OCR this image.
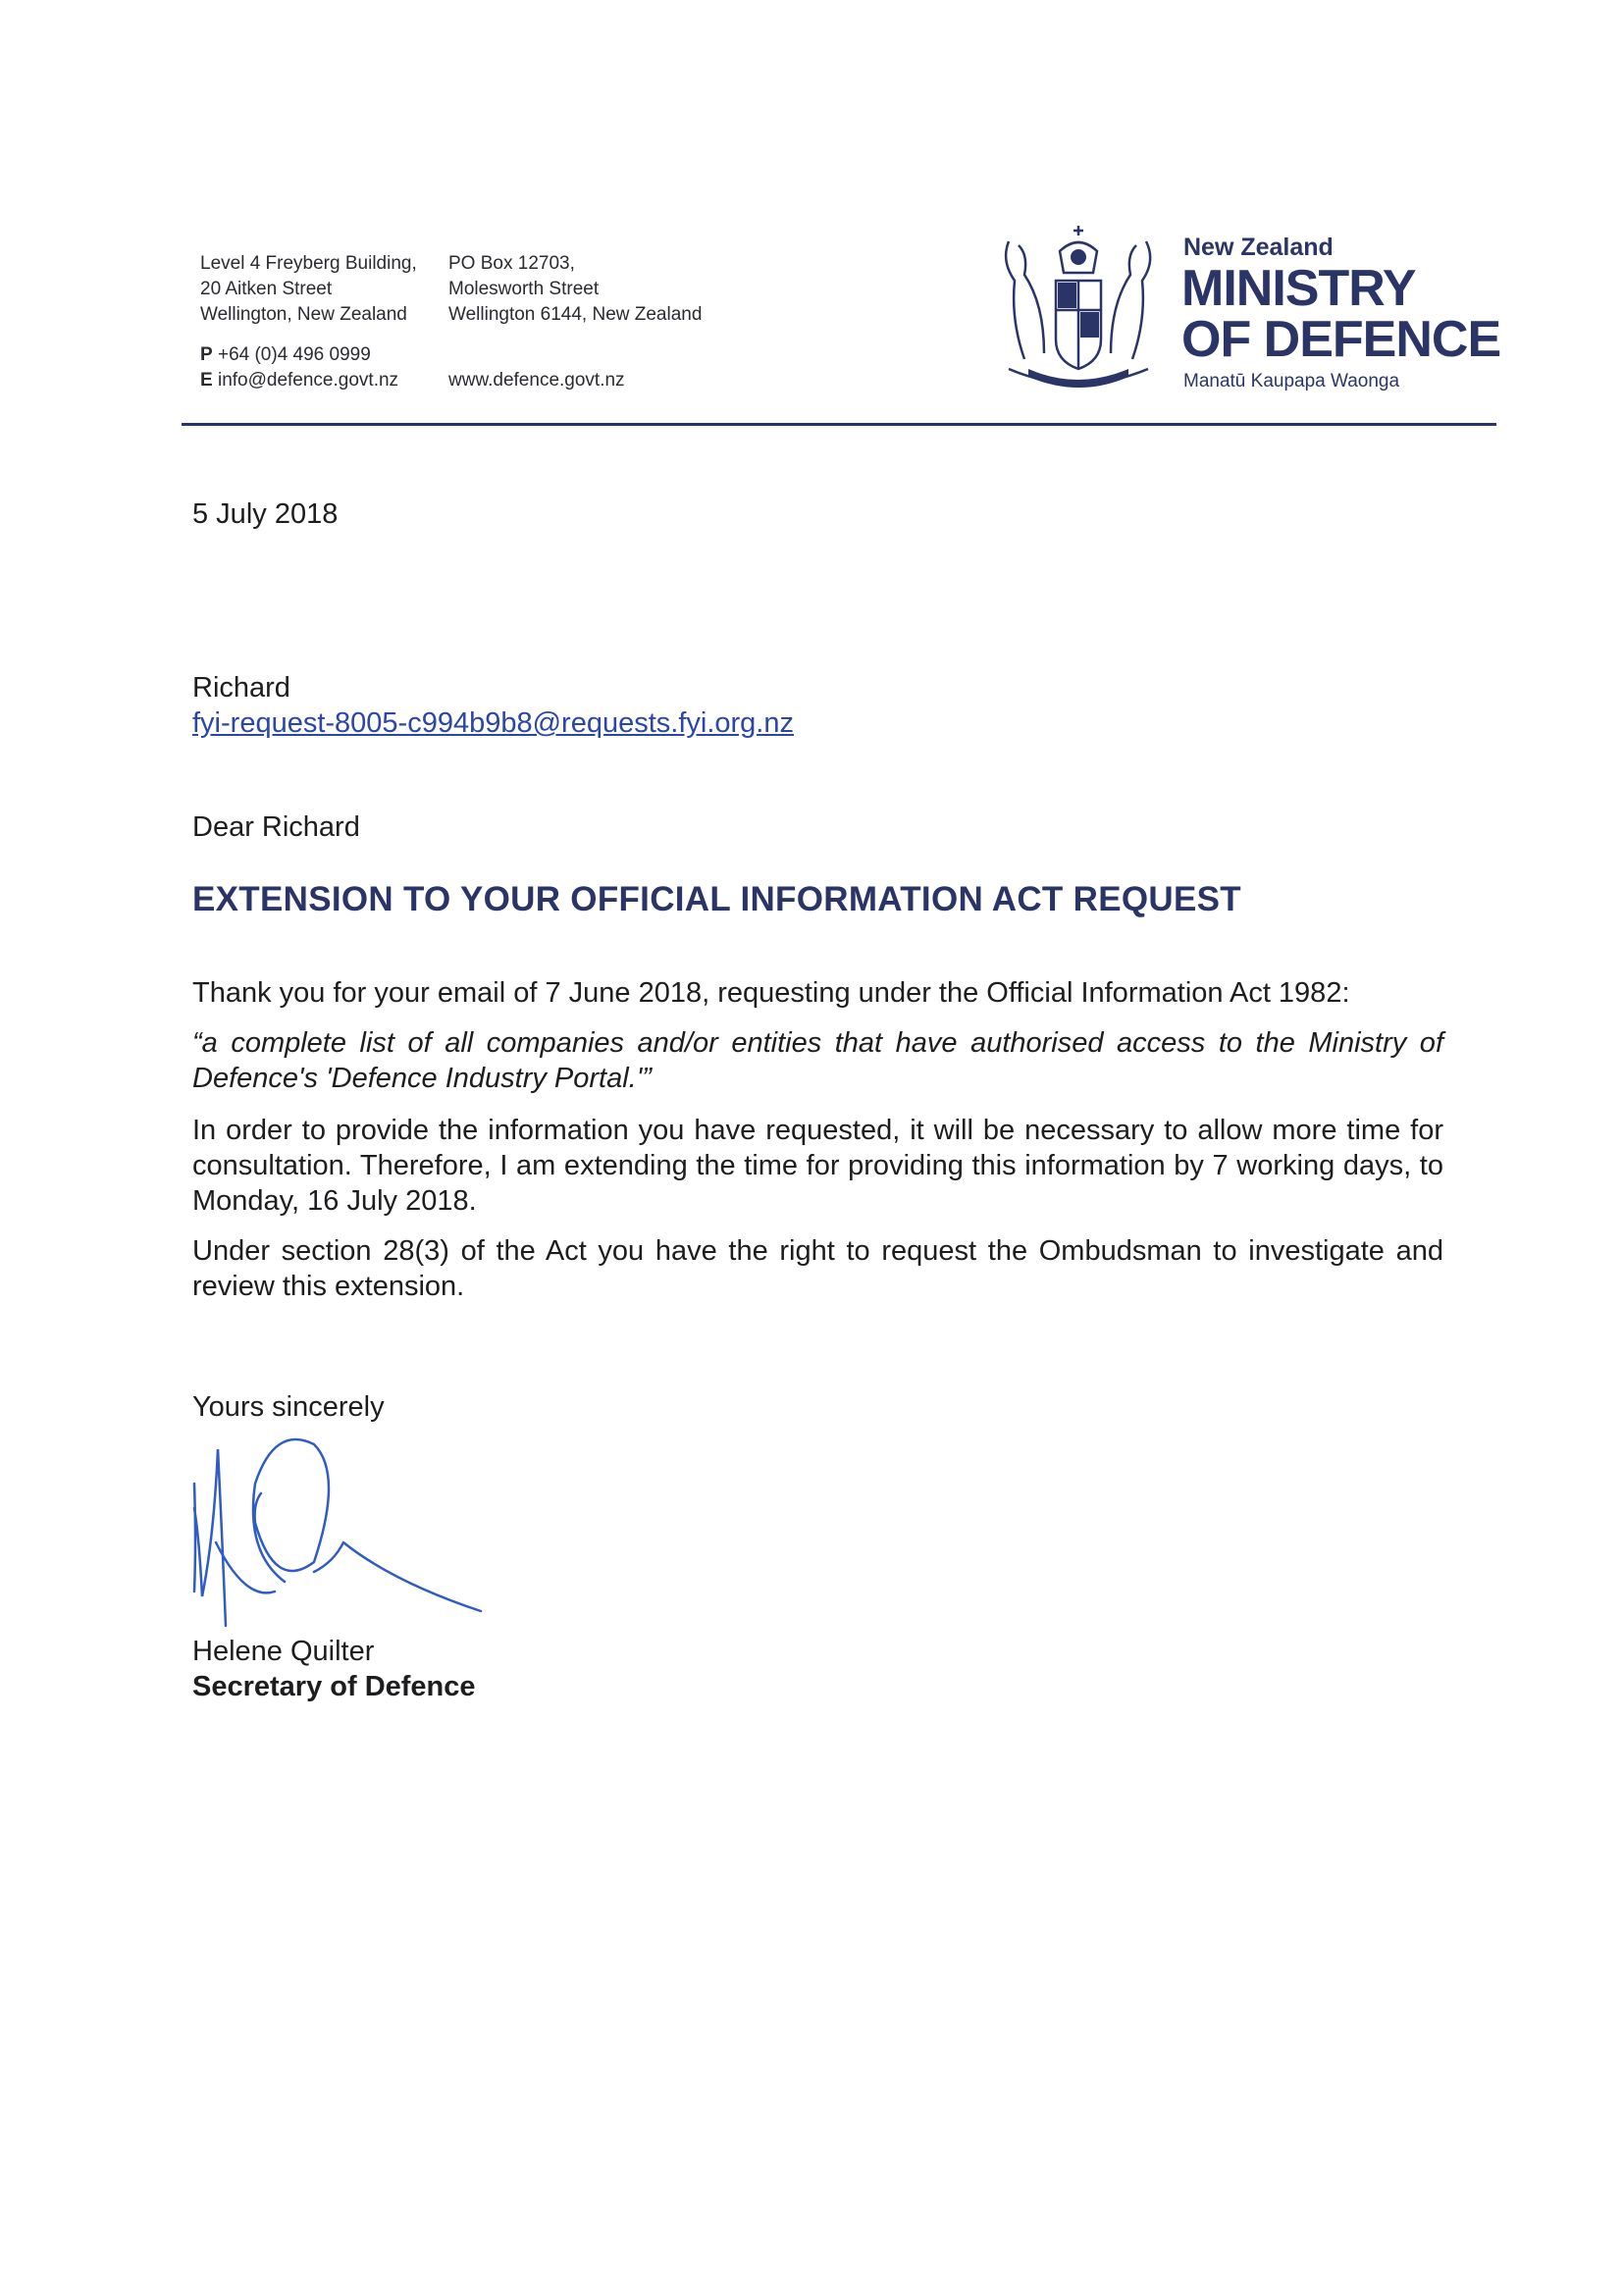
Level 4 Freyberg Building,
20 Aitken Street
Wellington, New Zealand
PO Box 12703,
Molesworth Street
Wellington 6144, New Zealand
P +64 (0)4 496 0999
E info@defence.govt.nz	www.defence.govt.nz
New Zealand
MINISTRY
OF DEFENCE
Manatū Kaupapa Waonga
5 July 2018
Richard
fyi-request-8005-c994b9b8@requests.fyi.org.nz
Dear Richard
EXTENSION TO YOUR OFFICIAL INFORMATION ACT REQUEST

Thank you for your email of 7 June 2018, requesting under the Official Information Act 1982:

“a complete list of all companies and/or entities that have authorised access to the Ministry of Defence's 'Defence Industry Portal.'”

In order to provide the information you have requested, it will be necessary to allow more time for consultation. Therefore, I am extending the time for providing this information by 7 working days, to Monday, 16 July 2018.

Under section 28(3) of the Act you have the right to request the Ombudsman to investigate and review this extension.

Yours sincerely
Helene Quilter
Secretary of Defence
